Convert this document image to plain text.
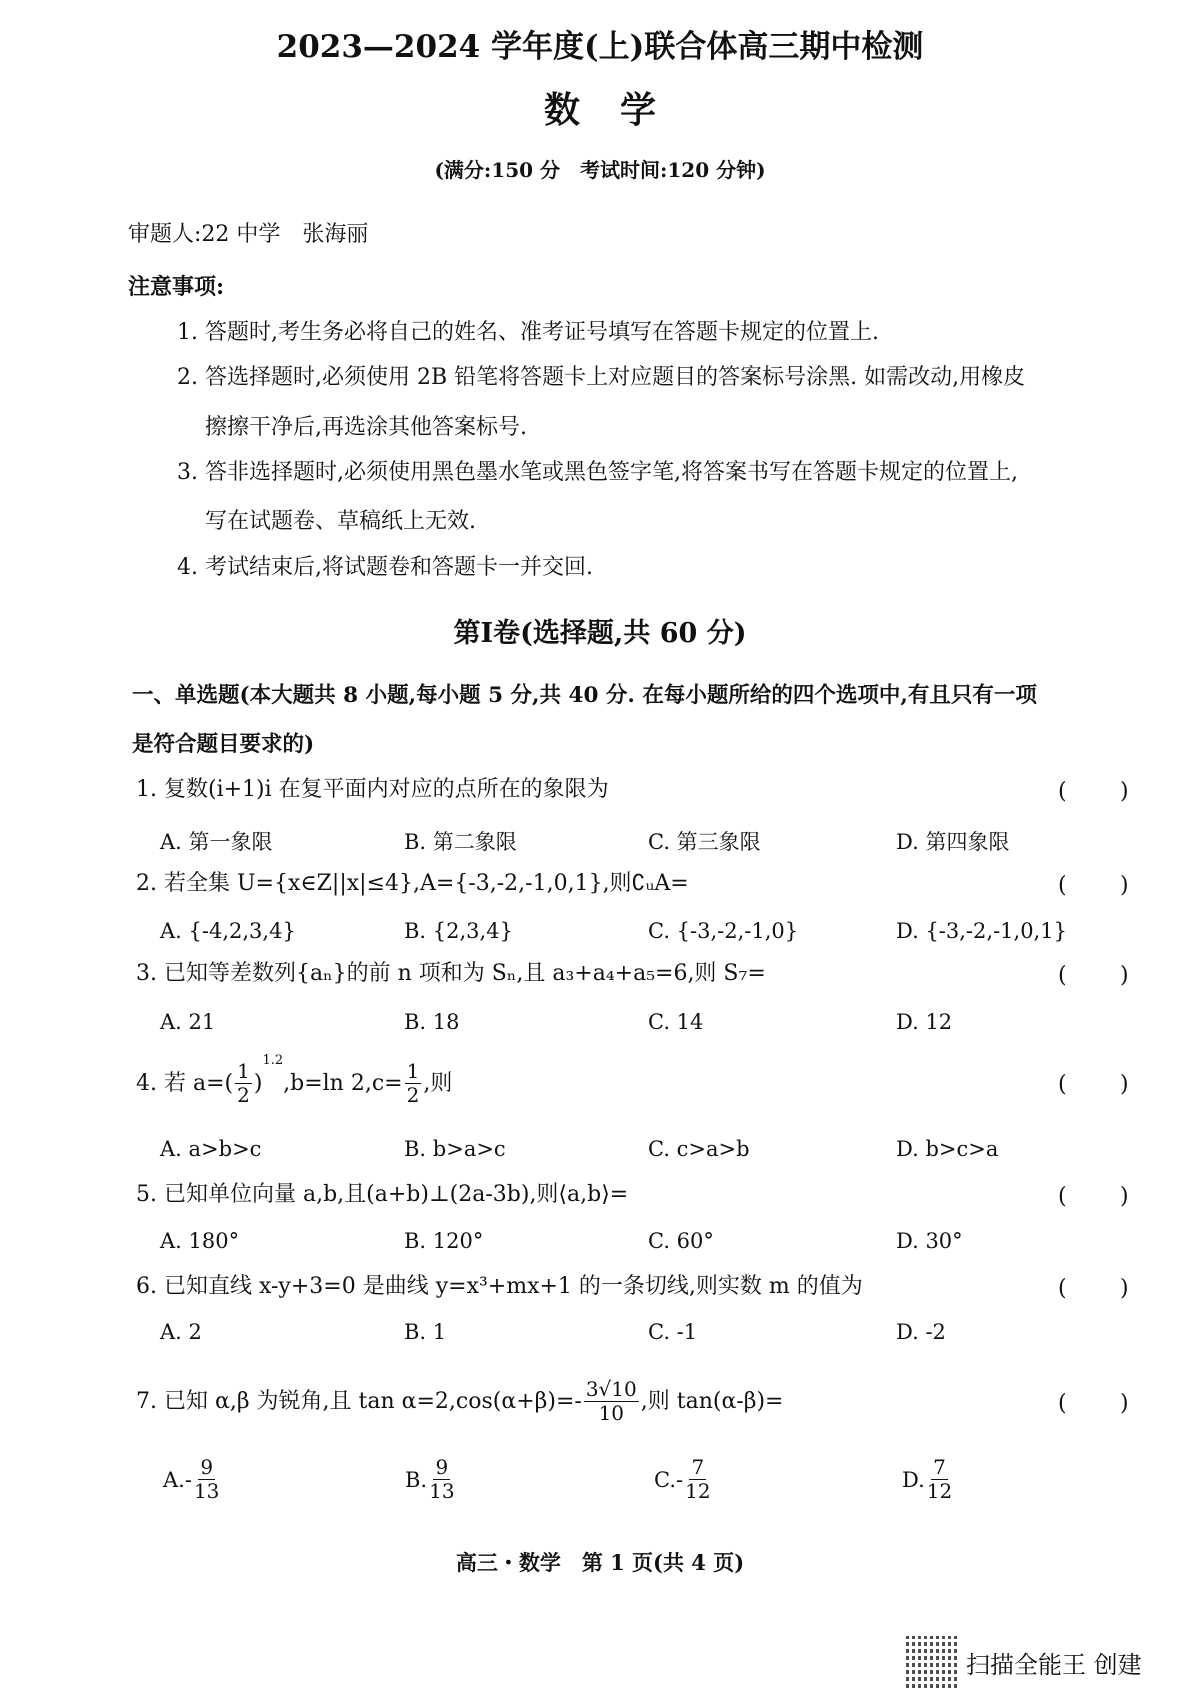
2023—2024 学年度(上)联合体高三期中检测
数学
(满分:150 分　考试时间:120 分钟)
审题人:22 中学　张海丽
注意事项:
1. 答题时,考生务必将自己的姓名、准考证号填写在答题卡规定的位置上.
2. 答选择题时,必须使用 2B 铅笔将答题卡上对应题目的答案标号涂黑. 如需改动,用橡皮
擦擦干净后,再选涂其他答案标号.
3. 答非选择题时,必须使用黑色墨水笔或黑色签字笔,将答案书写在答题卡规定的位置上,
写在试题卷、草稿纸上无效.
4. 考试结束后,将试题卷和答题卡一并交回.
第Ⅰ卷(选择题,共 60 分)
一、单选题(本大题共 8 小题,每小题 5 分,共 40 分. 在每小题所给的四个选项中,有且只有一项
是符合题目要求的)
1. 复数(i+1)i 在复平面内对应的点所在的象限为	( )
A. 第一象限	B. 第二象限	C. 第三象限	D. 第四象限
2. 若全集 U={x∈Z||x|≤4},A={-3,-2,-1,0,1},则∁ᵤA=	( )
A. {-4,2,3,4}	B. {2,3,4}	C. {-3,-2,-1,0}	D. {-3,-2,-1,0,1}
3. 已知等差数列{aₙ}的前 n 项和为 Sₙ,且 a₃+a₄+a₅=6,则 S₇=	( )
A. 21	B. 18	C. 14	D. 12
4. 若 $a=( \frac{1}{2}$ )
1.2
,b=ln $2,c= \frac{1}{2}$ ,则	( )
A. a>b>c	B. b>a>c	C. c>a>b	D. b>c>a
5. 已知单位向量 a,b,且(a+b)⊥(2a-3b),则⟨a,b⟩=	( )
A. 180°	B. 120°	C. 60°	D. 30°
6. 已知直线 x-y+3=0 是曲线 y=x³+mx+1 的一条切线,则实数 m 的值为	( )
A. 2	B. 1	C. -1	D. -2
7. 已知 α,β 为锐角,且 $\tan \alpha=2,\cos(\alpha+\beta)=- \frac{3√10}{10}$ ,则 tan(α-β)=	( )
A. - $\frac{9}{13}$	B. $\frac{9}{13}$	C. - $\frac{7}{12}$	D. $\frac{7}{12}$
高三・数学　第 1 页(共 4 页)
扫描全能王 创建
